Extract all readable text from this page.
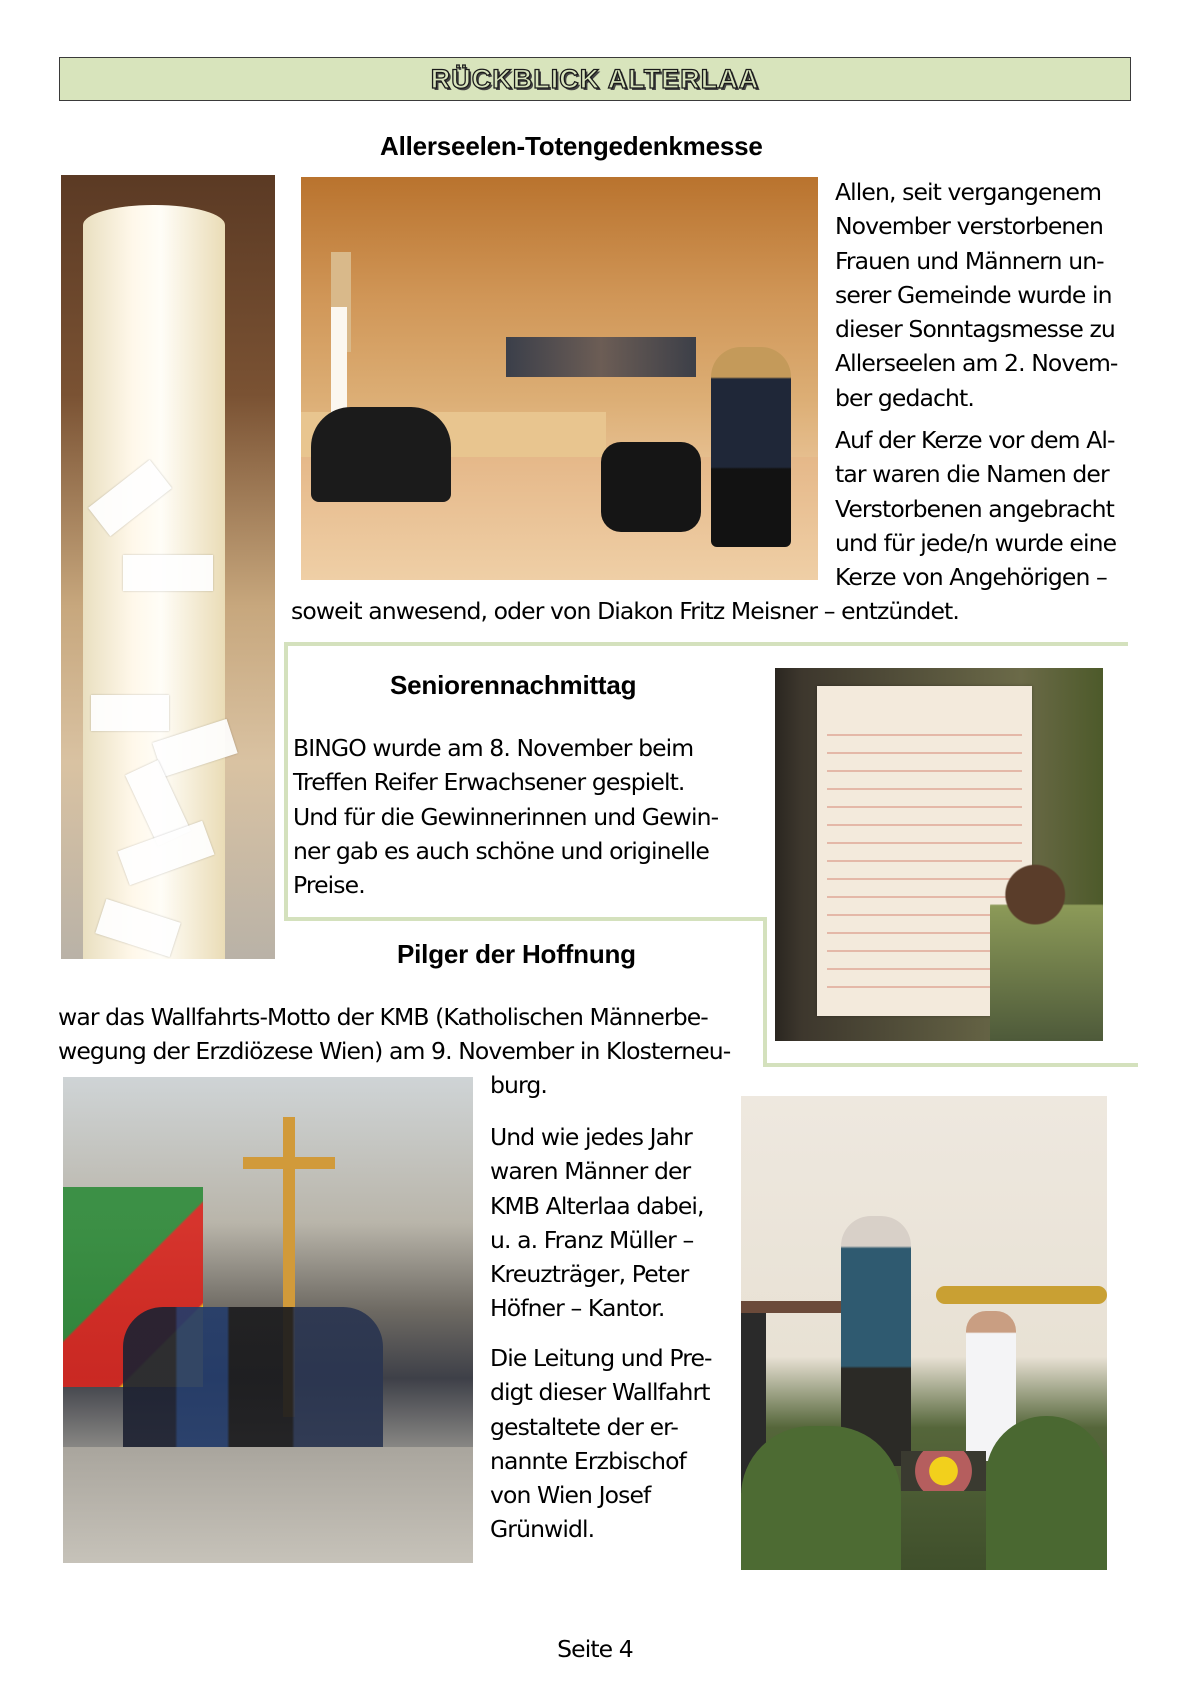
RÜCKBLICK ALTERLAA
Allerseelen-Totengedenkmesse
Allen, seit vergangenem
November verstorbenen
Frauen und Männern un-
serer Gemeinde wurde in
dieser Sonntagsmesse zu
Allerseelen am 2. Novem-
ber gedacht.
Auf der Kerze vor dem Al-
tar waren die Namen der
Verstorbenen angebracht
und für jede/n wurde eine
Kerze von Angehörigen –
soweit anwesend, oder von Diakon Fritz Meisner – entzündet.
Seniorennachmittag
BINGO wurde am 8. November beim
Treffen Reifer Erwachsener gespielt.
Und für die Gewinnerinnen und Gewin-
ner gab es auch schöne und originelle
Preise.
Pilger der Hoffnung
war das Wallfahrts-Motto der KMB (Katholischen Männerbe-
wegung der Erzdiözese Wien) am 9. November in Klosterneu-
burg.
Und wie jedes Jahr
waren Männer der
KMB Alterlaa dabei,
u. a. Franz Müller –
Kreuzträger, Peter
Höfner – Kantor.
Die Leitung und Pre-
digt dieser Wallfahrt
gestaltete der er-
nannte Erzbischof
von Wien Josef
Grünwidl.
Seite 4
